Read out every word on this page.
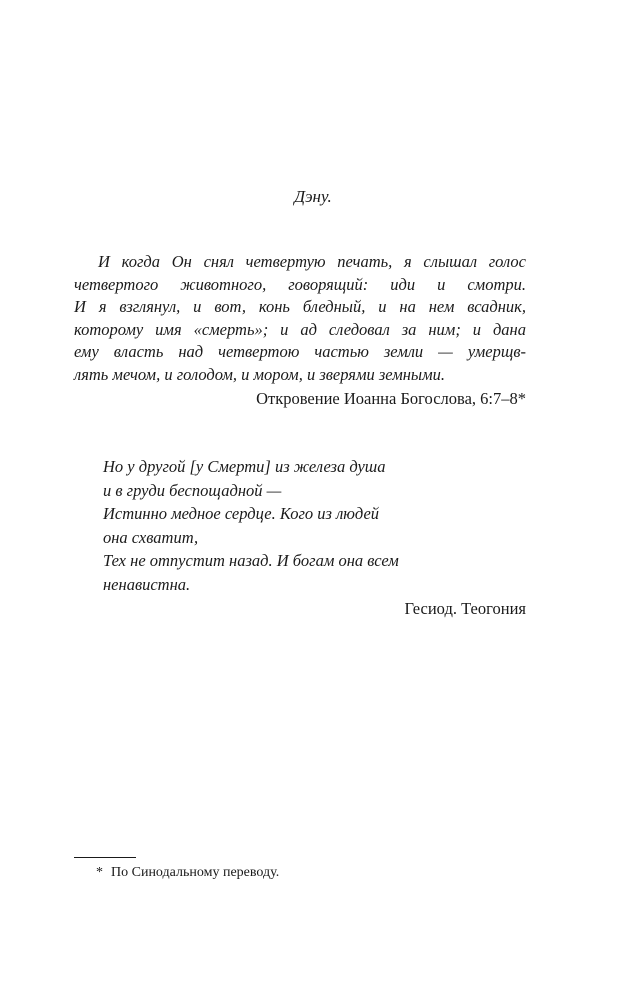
Дэну.
И когда Он снял четвертую печать, я слышал голос
четвертого животного, говорящий: иди и смотри.
И я взглянул, и вот, конь бледный, и на нем всадник,
которому имя «смерть»; и ад следовал за ним; и дана
ему власть над четвертою частью земли — умерщв-
лять мечом, и голодом, и мором, и зверями земными.
Откровение Иоанна Богослова, 6:7–8*
Но у другой [у Смерти] из железа душа
и в груди беспощадной —
Истинно медное сердце. Кого из людей
она схватит,
Тех не отпустит назад. И богам она всем
ненавистна.
Гесиод. Теогония
* По Синодальному переводу.
